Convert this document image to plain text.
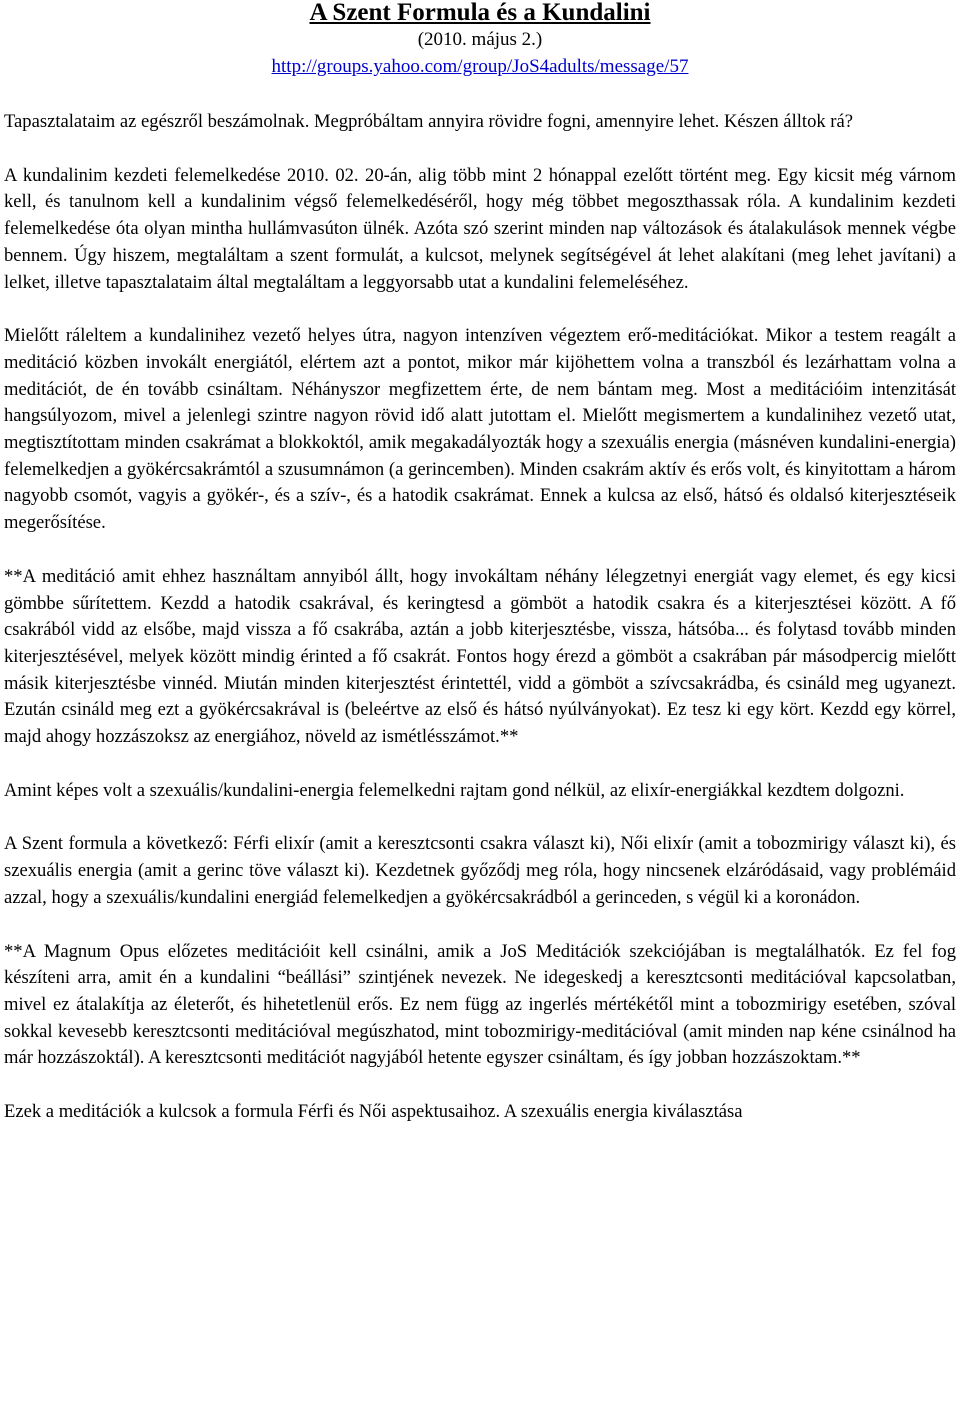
A Szent Formula és a Kundalini
(2010. május 2.)
http://groups.yahoo.com/group/JoS4adults/message/57

Tapasztalataim az egészről beszámolnak. Megpróbáltam annyira rövidre fogni, amennyire lehet. Készen álltok rá?

A kundalinim kezdeti felemelkedése 2010. 02. 20-án, alig több mint 2 hónappal ezelőtt történt meg. Egy kicsit még várnom kell, és tanulnom kell a kundalinim végső felemelkedéséről, hogy még többet megoszthassak róla. A kundalinim kezdeti felemelkedése óta olyan mintha hullámvasúton ülnék. Azóta szó szerint minden nap változások és átalakulások mennek végbe bennem. Úgy hiszem, megtaláltam a szent formulát, a kulcsot, melynek segítségével át lehet alakítani (meg lehet javítani) a lelket, illetve tapasztalataim által megtaláltam a leggyorsabb utat a kundalini felemeléséhez.

Mielőtt ráleltem a kundalinihez vezető helyes útra, nagyon intenzíven végeztem erő-meditációkat. Mikor a testem reagált a meditáció közben invokált energiától, elértem azt a pontot, mikor már kijöhettem volna a transzból és lezárhattam volna a meditációt, de én tovább csináltam. Néhányszor megfizettem érte, de nem bántam meg. Most a meditációim intenzitását hangsúlyozom, mivel a jelenlegi szintre nagyon rövid idő alatt jutottam el. Mielőtt megismertem a kundalinihez vezető utat, megtisztítottam minden csakrámat a blokkoktól, amik megakadályozták hogy a szexuális energia (másnéven kundalini-energia) felemelkedjen a gyökércsakrámtól a szusumnámon (a gerincemben). Minden csakrám aktív és erős volt, és kinyitottam a három nagyobb csomót, vagyis a gyökér-, és a szív-, és a hatodik csakrámat. Ennek a kulcsa az első, hátsó és oldalsó kiterjesztéseik megerősítése.

**A meditáció amit ehhez használtam annyiból állt, hogy invokáltam néhány lélegzetnyi energiát vagy elemet, és egy kicsi gömbbe sűrítettem. Kezdd a hatodik csakrával, és keringtesd a gömböt a hatodik csakra és a kiterjesztései között. A fő csakrából vidd az elsőbe, majd vissza a fő csakrába, aztán a jobb kiterjesztésbe, vissza, hátsóba... és folytasd tovább minden kiterjesztésével, melyek között mindig érinted a fő csakrát. Fontos hogy érezd a gömböt a csakrában pár másodpercig mielőtt másik kiterjesztésbe vinnéd. Miután minden kiterjesztést érintettél, vidd a gömböt a szívcsakrádba, és csináld meg ugyanezt. Ezután csináld meg ezt a gyökércsakrával is (beleértve az első és hátsó nyúlványokat). Ez tesz ki egy kört. Kezdd egy körrel, majd ahogy hozzászoksz az energiához, növeld az ismétlésszámot.**

Amint képes volt a szexuális/kundalini-energia felemelkedni rajtam gond nélkül, az elixír-energiákkal kezdtem dolgozni.

A Szent formula a következő: Férfi elixír (amit a keresztcsonti csakra választ ki), Női elixír (amit a tobozmirigy választ ki), és szexuális energia (amit a gerinc töve választ ki). Kezdetnek győződj meg róla, hogy nincsenek elzáródásaid, vagy problémáid azzal, hogy a szexuális/kundalini energiád felemelkedjen a gyökércsakrádból a gerinceden, s végül ki a koronádon.

**A Magnum Opus előzetes meditációit kell csinálni, amik a JoS Meditációk szekciójában is megtalálhatók. Ez fel fog készíteni arra, amit én a kundalini “beállási” szintjének nevezek. Ne idegeskedj a keresztcsonti meditációval kapcsolatban, mivel ez átalakítja az életerőt, és hihetetlenül erős. Ez nem függ az ingerlés mértékétől mint a tobozmirigy esetében, szóval sokkal kevesebb keresztcsonti meditációval megúszhatod, mint tobozmirigy-meditációval (amit minden nap kéne csinálnod ha már hozzászoktál). A keresztcsonti meditációt nagyjából hetente egyszer csináltam, és így jobban hozzászoktam.**

Ezek a meditációk a kulcsok a formula Férfi és Női aspektusaihoz. A szexuális energia kiválasztása
